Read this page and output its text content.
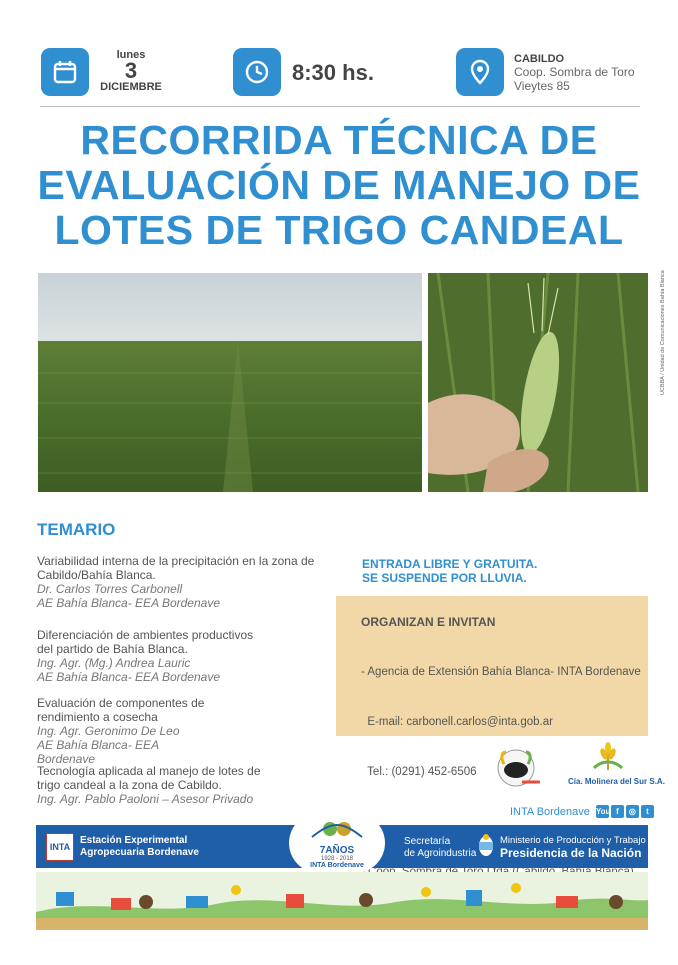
lunes
3
DICIEMBRE
8:30 hs.
CABILDO
Coop. Sombra de Toro
Vieytes 85
RECORRIDA TÉCNICA DE
EVALUACIÓN DE MANEJO DE
LOTES DE TRIGO CANDEAL
UCBBA / Unidad de Comunicaciones Bahía Blanca
TEMARIO
Variabilidad interna de la precipitación en la zona de Cabildo/Bahía Blanca.
Dr. Carlos Torres Carbonell
AE Bahía Blanca- EEA Bordenave
Diferenciación de ambientes productivos del partido de Bahía Blanca.
Ing. Agr. (Mg.) Andrea Lauric
AE Bahía Blanca- EEA Bordenave
Evaluación de componentes de rendimiento a cosecha
Ing. Agr. Geronimo De Leo
AE Bahía Blanca- EEA Bordenave
Tecnología aplicada al manejo de lotes de trigo candeal a la zona de Cabildo.
Ing. Agr. Pablo Paoloni – Asesor Privado
ENTRADA LIBRE Y GRATUITA.
SE SUSPENDE POR LLUVIA.
ORGANIZAN E INVITAN

- Agencia de Extensión Bahía Blanca- INTA Bordenave

E-mail: carbonell.carlos@inta.gob.ar

Tel.: (0291) 452-6506

Cía. Molinera del Sur S.A.
INTA Bordenave You f ◎ t
INTA
Estación Experimental
Agropecuaria Bordenave	7AÑOS
1928 - 2018
INTA Bordenave
Secretaría
de Agroindustria
Ministerio de Producción y Trabajo
Presidencia de la Nación
